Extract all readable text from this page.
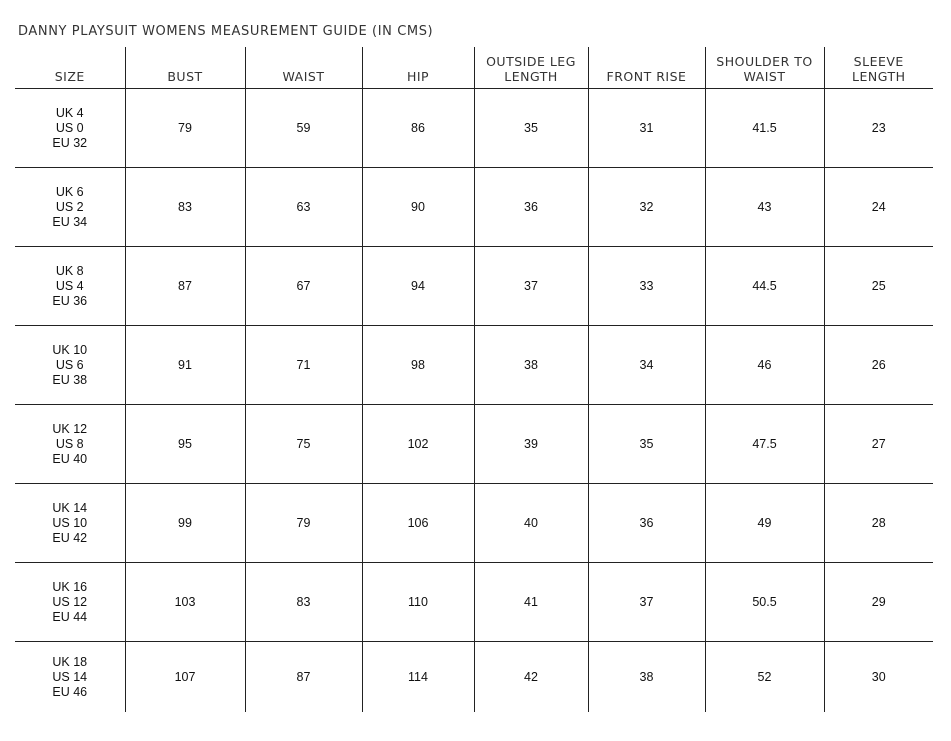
DANNY PLAYSUIT WOMENS MEASUREMENT GUIDE (IN CMS)
SIZE	BUST	WAIST	HIP	OUTSIDE LEG LENGTH	FRONT RISE	SHOULDER TO WAIST	SLEEVE LENGTH

UK 4
US 0
EU 32	79	59	86	35	31	41.5	23

UK 6
US 2
EU 34	83	63	90	36	32	43	24

UK 8
US 4
EU 36	87	67	94	37	33	44.5	25

UK 10
US 6
EU 38	91	71	98	38	34	46	26

UK 12
US 8
EU 40	95	75	102	39	35	47.5	27

UK 14
US 10
EU 42	99	79	106	40	36	49	28

UK 16
US 12
EU 44	103	83	110	41	37	50.5	29

UK 18
US 14
EU 46	107	87	114	42	38	52	30
